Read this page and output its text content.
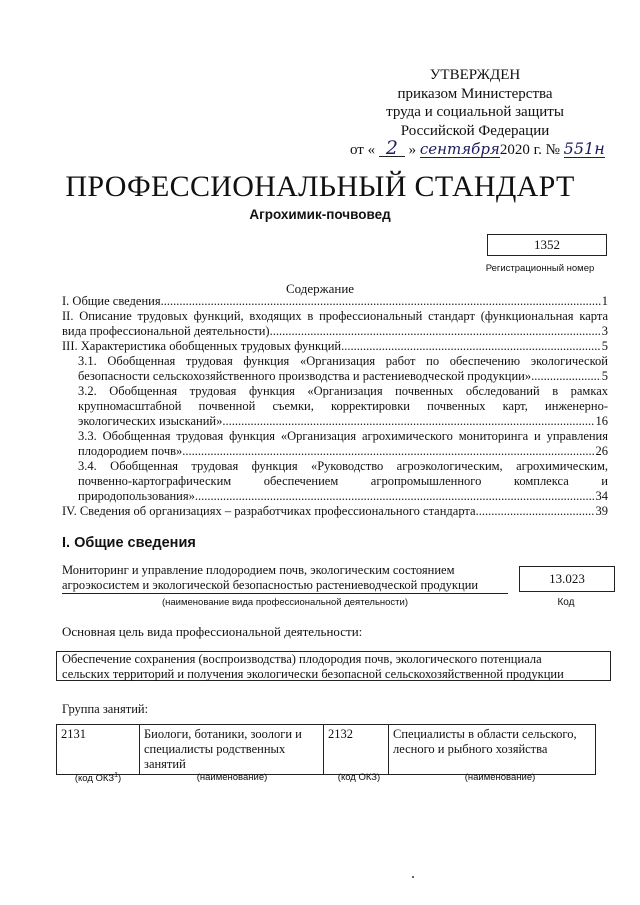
УТВЕРЖДЕН
приказом Министерства
труда и социальной защиты
Российской Федерации
от « 2 » сентября2020 г. № 551н
ПРОФЕССИОНАЛЬНЫЙ СТАНДАРТ
Агрохимик-почвовед
1352
Регистрационный номер
Содержание
I. Общие сведения .....	1
II. Описание трудовых функций, входящих в профессиональный стандарт (функциональная карта
вида профессиональной деятельности) .....	3
III. Характеристика обобщенных трудовых функций .....	5
3.1. Обобщенная трудовая функция «Организация работ по обеспечению экологической
безопасности сельскохозяйственного производства и растениеводческой продукции» .....	5
3.2. Обобщенная трудовая функция «Организация почвенных обследований в рамках
крупномасштабной почвенной съемки, корректировки почвенных карт, инженерно-
экологических изысканий» .....	16
3.3. Обобщенная трудовая функция «Организация агрохимического мониторинга и управления
плодородием почв» .....	26
3.4. Обобщенная трудовая функция «Руководство агроэкологическим, агрохимическим,
почвенно-картографическим обеспечением агропромышленного комплекса и
природопользования» .....	34
IV. Сведения об организациях – разработчиках профессионального стандарта .....	39
I. Общие сведения
Мониторинг и управление плодородием почв, экологическим состоянием
агроэкосистем и экологической безопасностью растениеводческой продукции
(наименование вида профессиональной деятельности)
13.023
Код
Основная цель вида профессиональной деятельности:
Обеспечение сохранения (воспроизводства) плодородия почв, экологического потенциала
сельских территорий и получения экологически безопасной сельскохозяйственной продукции
Группа занятий:
2131	Биологи, ботаники, зоологи и специалисты родственных занятий	2132	Специалисты в области сельского, лесного и рыбного хозяйства
(код ОКЗ$^1$)	(наименование)	(код ОКЗ)	(наименование)
